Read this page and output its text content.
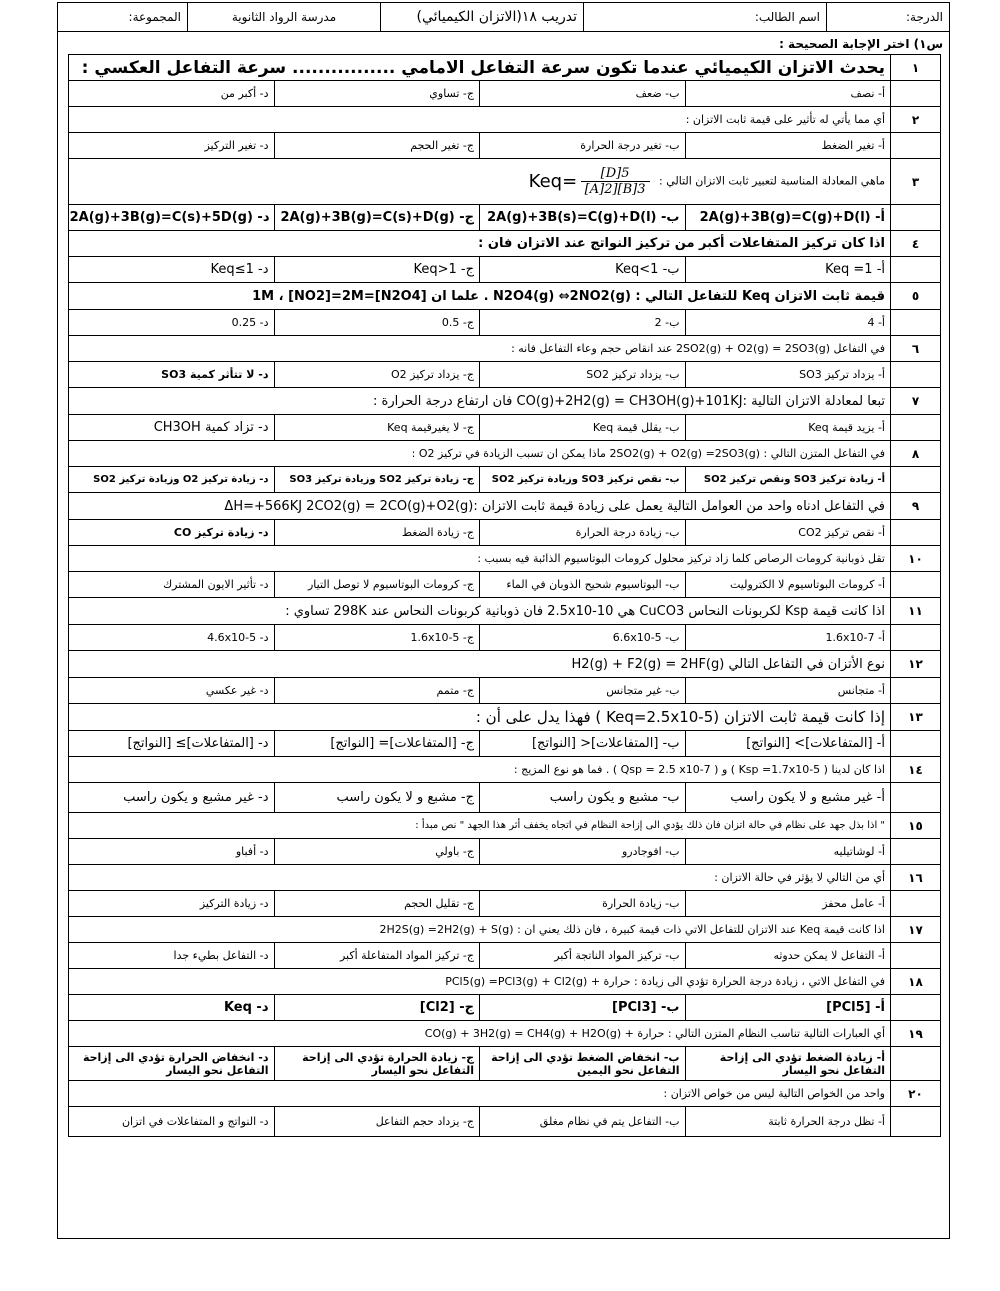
الدرجة:	اسم الطالب:	تدريب ١٨(الاتزان الكيميائي)	مدرسة الرواد الثانوية	المجموعة:
س١) اختر الإجابة الصحيحة :
١	يحدث الاتزان الكيميائي عندما تكون سرعة التفاعل الامامي ................ سرعة التفاعل العكسي :			
	أ- نصف	ب- ضعف	ج- تساوي	د- أكبر من
٢	أي مما يأتي له تأثير على قيمة ثابت الاتزان :			
	أ- تغير الضغط	ب- تغير درجة الحرارة	ج- تغير الحجم	د- تغير التركيز
٣	ماهي المعادلة المناسبة لتعبير ثابت الاتزان التالي : $Keq= \frac{[D]5}{[A]2][B]3}$

	أ- 2A(g)+3B(g)=C(g)+D(l)	ب- 2A(g)+3B(s)=C(g)+D(l)	ج- 2A(g)+3B(g)=C(s)+D(g)	د- 2A(g)+3B(g)=C(s)+5D(g)
٤	اذا كان تركيز المتفاعلات أكبر من تركيز النواتج عند الاتزان فان :			
	أ- Keq =1	ب- 1>Keq	ج- 1<Keq	د- 1≥Keq
٥	قيمة ثابت الاتزان Keq للتفاعل التالي : N2O4(g) ⇔2NO2(g) . علما ان [N2O4]=1M ، [NO2]=2M			
	أ- 4	ب- 2	ج- 0.5	د- 0.25
٦	في التفاعل 2SO2(g) + O2(g) = 2SO3(g) عند انقاص حجم وعاء التفاعل فانه :			
	أ- يزداد تركيز SO3	ب- يزداد تركيز SO2	ج- يزداد تركيز O2	د- لا تتأثر كمية SO3
٧	تبعا لمعادلة الاتزان التالية :CO(g)+2H2(g) = CH3OH(g)+101KJ فان ارتفاع درجة الحرارة :			
	أ- يزيد قيمة Keq	ب- يقلل قيمة Keq	ج- لا يغيرقيمة Keq	د- تزاد كمية CH3OH
٨	في التفاعل المتزن التالي : 2SO2(g) + O2(g) =2SO3(g) ماذا يمكن ان تسبب الزيادة في تركيز O2 :			
	أ- زيادة تركيز SO3 ونقص تركيز SO2	ب- نقص تركيز SO3 وزيادة تركيز SO2	ج- زيادة تركيز SO2 وزيادة تركيز SO3	د- زيادة تركيز O2 وزيادة تركيز SO2
٩	في التفاعل ادناه واحد من العوامل التالية يعمل على زيادة قيمة ثابت الاتزان :ΔH=+566KJ 2CO2(g) = 2CO(g)+O2(g)			
	أ- نقص تركيز CO2	ب- زيادة درجة الحرارة	ج- زيادة الضغط	د- زيادة تركيز CO
١٠	تقل ذوبانية كرومات الرصاص كلما زاد تركيز محلول كرومات البوتاسيوم الذائبة فيه بسبب :			
	أ- كرومات البوتاسيوم لا الكتروليت	ب- البوتاسيوم شحيح الذوبان في الماء	ج- كرومات البوتاسيوم لا توصل التيار	د- تأثير الايون المشترك
١١	اذا كانت قيمة Ksp لكربونات النحاس CuCO3 هي 2.5x10-10 فان ذوبانية كربونات النحاس عند 298K تساوي :			
	أ- 1.6x10-7	ب- 6.6x10-5	ج- 1.6x10-5	د- 4.6x10-5
١٢	نوع الأتزان في التفاعل التالي H2(g) + F2(g) = 2HF(g)			
	أ- متجانس	ب- غير متجانس	ج- متمم	د- غير عكسي
١٣	إذا كانت قيمة ثابت الاتزان (Keq=2.5x10-5 ) فهذا يدل على أن :			
	أ- [المتفاعلات]> [النواتج]	ب- [المتفاعلات]< [النواتج]	ج- [المتفاعلات]= [النواتج]	د- [المتفاعلات]≥ [النواتج]
١٤	اذا كان لدينا ( Ksp =1.7x10-5 ) و ( Qsp = 2.5 x10-7 ) . فما هو نوع المزيج :			
	أ- غير مشبع و لا يكون راسب	ب- مشبع و يكون راسب	ج- مشبع و لا يكون راسب	د- غير مشبع و يكون راسب
١٥	" اذا بذل جهد على نظام في حالة اتزان فان ذلك يؤدي الى إزاحة النظام في اتجاه يخفف أثر هذا الجهد " نص مبدأ :			
	أ- لوشاتيليه	ب- افوجادرو	ج- باولي	د- أفباو
١٦	أي من التالي لا يؤثر في حالة الاتزان :			
	أ- عامل محفز	ب- زيادة الحرارة	ج- تقليل الحجم	د- زيادة التركيز
١٧	اذا كانت قيمة Keq عند الاتزان للتفاعل الاتي ذات قيمة كبيرة ، فان ذلك يعني ان : 2H2S(g) =2H2(g) + S(g)			
	أ- التفاعل لا يمكن حدوثه	ب- تركيز المواد الناتجة أكبر	ج- تركيز المواد المتفاعلة أكبر	د- التفاعل بطيء جدا
١٨	في التفاعل الاتي ، زيادة درجة الحرارة تؤدي الى زيادة : حرارة + PCl5(g) =PCl3(g) + Cl2(g)			
	أ- [PCl5]	ب- [PCl3]	ج- [Cl2]	د- Keq
١٩	أي العبارات التالية تناسب النظام المتزن التالي : حرارة + CO(g) + 3H2(g) = CH4(g) + H2O(g)			
	أ- زيادة الضغط تؤدي الى إزاحة التفاعل نحو اليسار	ب- انخفاض الضغط تؤدي الى إزاحة التفاعل نحو اليمين	ج- زيادة الحرارة تؤدي الى إزاحة التفاعل نحو اليسار	د- انخفاض الحرارة تؤدي الى إزاحة التفاعل نحو اليسار
٢٠	واحد من الخواص التالية ليس من خواص الاتزان :			
	أ- تظل درجة الحرارة ثابتة	ب- التفاعل يتم في نظام مغلق	ج- يزداد حجم التفاعل	د- النواتج و المتفاعلات في اتزان
